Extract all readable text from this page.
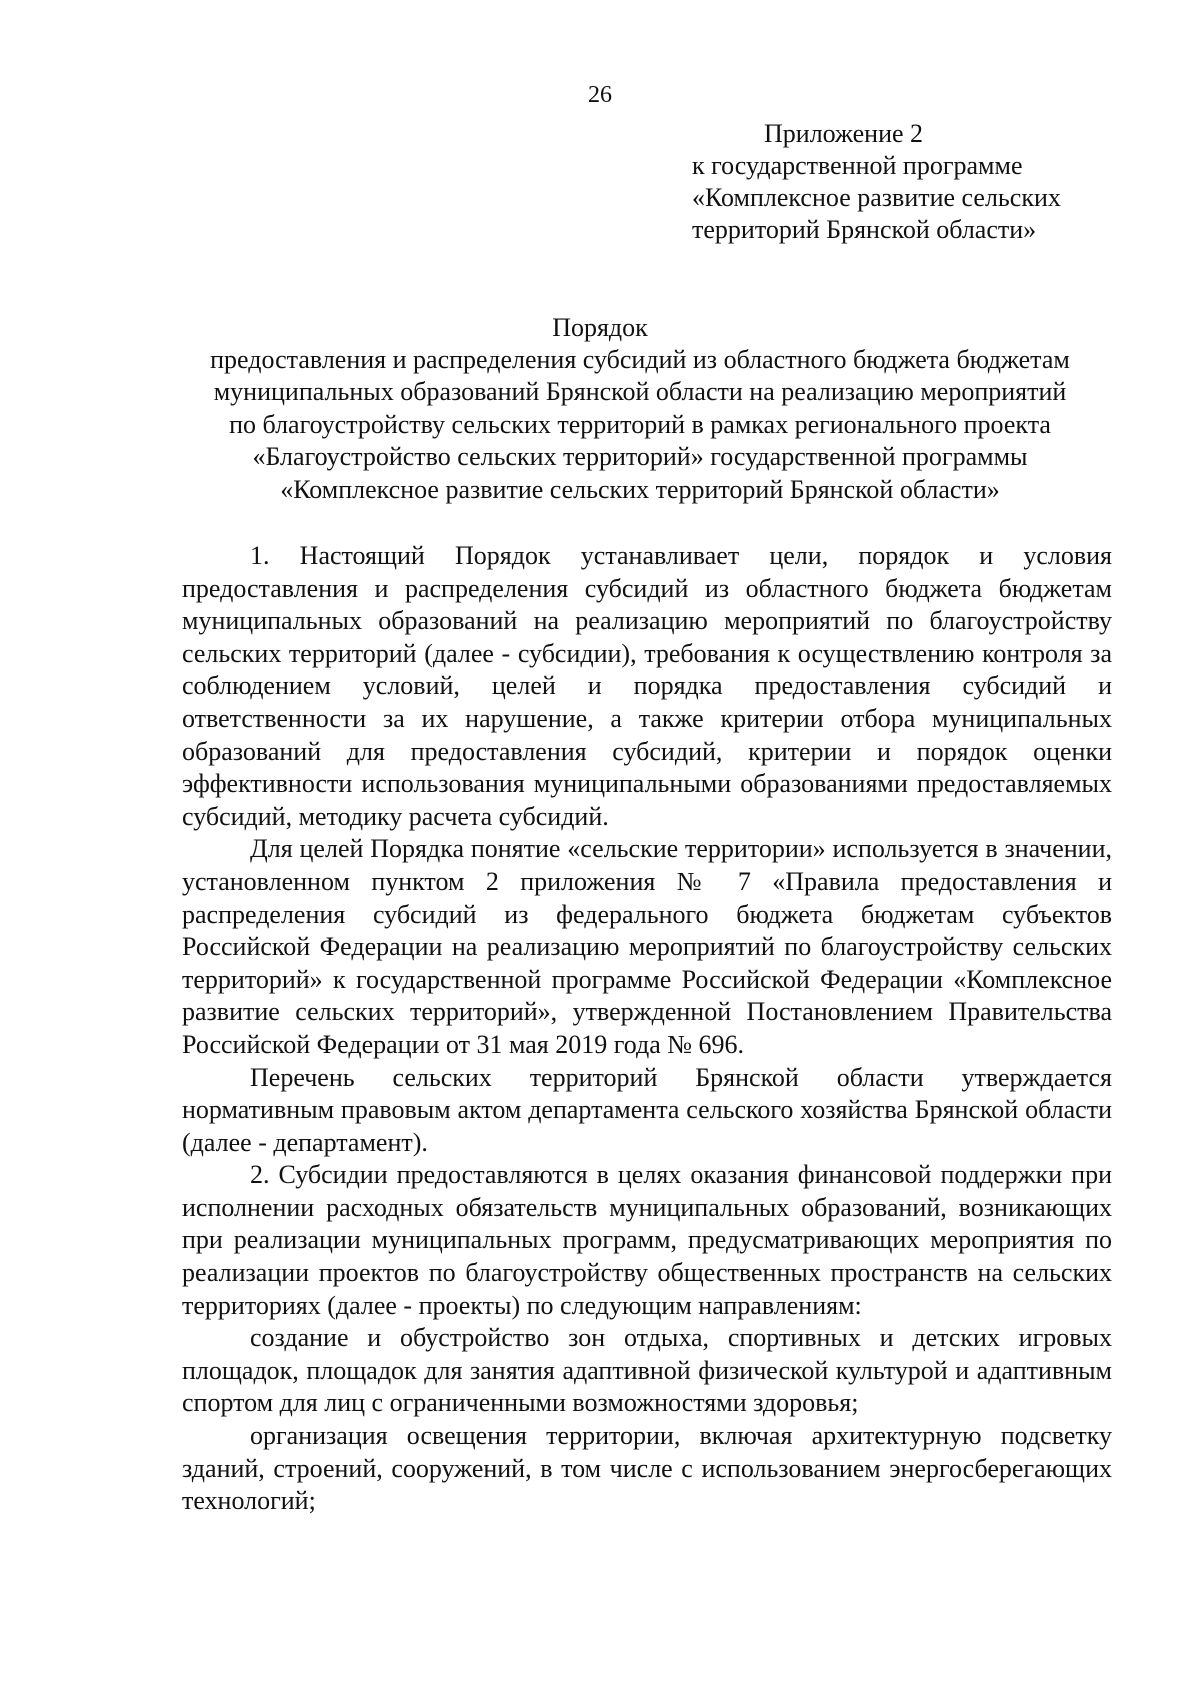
26
Приложение 2
к государственной программе
«Комплексное развитие сельских
территорий Брянской области»
Порядок
предоставления и распределения субсидий из областного бюджета бюджетам
муниципальных образований Брянской области на реализацию мероприятий
по благоустройству сельских территорий в рамках регионального проекта
«Благоустройство сельских территорий» государственной программы
«Комплексное развитие сельских территорий Брянской области»

1. Настоящий Порядок устанавливает цели, порядок и условия предоставления и распределения субсидий из областного бюджета бюджетам муниципальных образований на реализацию мероприятий по благоустройству сельских территорий (далее - субсидии), требования к осуществлению контроля за соблюдением условий, целей и порядка предоставления субсидий и ответственности за их нарушение, а также критерии отбора муниципальных образований для предоставления субсидий, критерии и порядок оценки эффективности использования муниципальными образованиями предоставляемых субсидий, методику расчета субсидий.

Для целей Порядка понятие «сельские территории» используется в значении, установленном пунктом 2 приложения № 7 «Правила предоставления и распределения субсидий из федерального бюджета бюджетам субъектов Российской Федерации на реализацию мероприятий по благоустройству сельских территорий» к государственной программе Российской Федерации «Комплексное развитие сельских территорий», утвержденной Постановлением Правительства Российской Федерации от 31 мая 2019 года № 696.

Перечень сельских территорий Брянской области утверждается нормативным правовым актом департамента сельского хозяйства Брянской области (далее - департамент).

2. Субсидии предоставляются в целях оказания финансовой поддержки при исполнении расходных обязательств муниципальных образований, возникающих при реализации муниципальных программ, предусматривающих мероприятия по реализации проектов по благоустройству общественных пространств на сельских территориях (далее - проекты) по следующим направлениям:

создание и обустройство зон отдыха, спортивных и детских игровых площадок, площадок для занятия адаптивной физической культурой и адаптивным спортом для лиц с ограниченными возможностями здоровья;

организация освещения территории, включая архитектурную подсветку зданий, строений, сооружений, в том числе с использованием энергосберегающих технологий;
